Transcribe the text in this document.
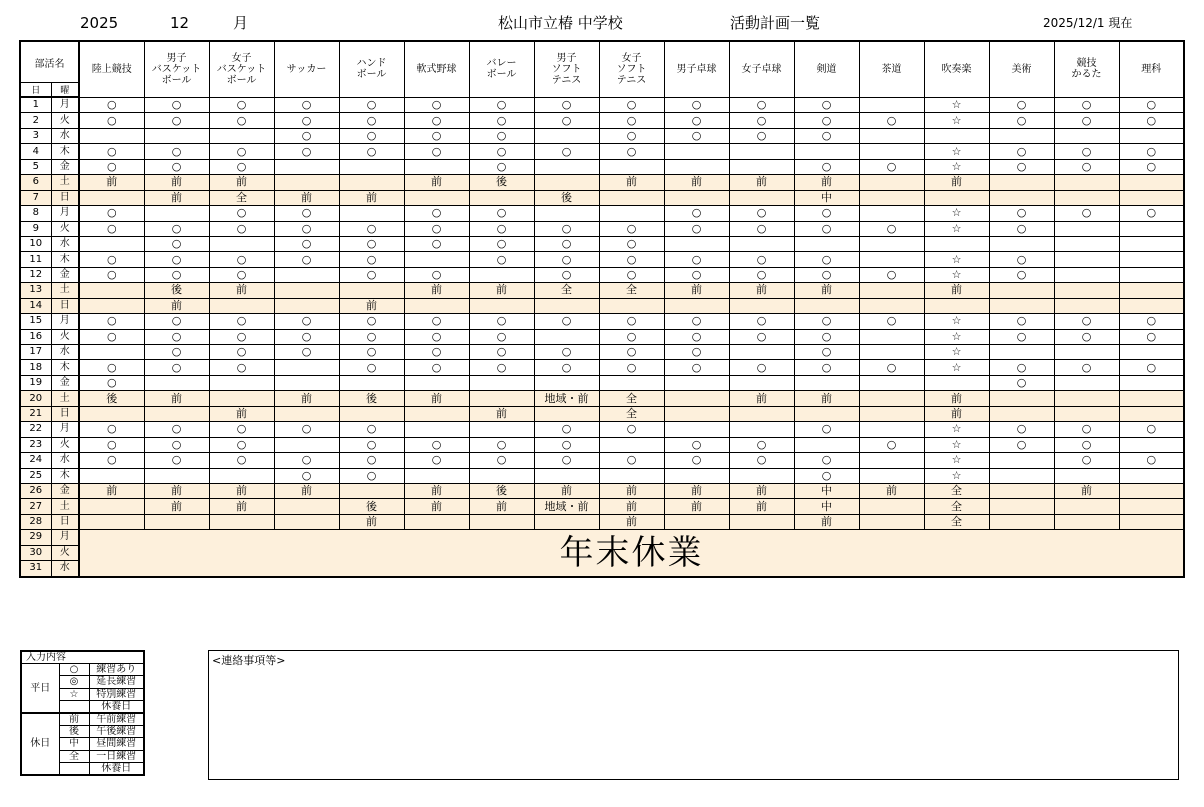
2025	12	月	松山市立椿 中学校	活動計画一覧	2025/12/1 現在
部活名		陸上競技	男子
バスケット
ボール	女子
バスケット
ボール	サッカー	ハンド
ボール	軟式野球	バレー
ボール	男子
ソフト
テニス	女子
ソフト
テニス	男子卓球	女子卓球	剣道	茶道	吹奏楽	美術	競技
かるた	理科
日	曜																	
1	月	○	○	○	○	○	○	○	○	○	○	○	○		☆	○	○	○
2	火	○	○	○	○	○	○	○	○	○	○	○	○	○	☆	○	○	○
3	水				○	○	○	○		○	○	○	○					
4	木	○	○	○	○	○	○	○	○	○					☆	○	○	○
5	金	○	○	○				○					○	○	☆	○	○	○
6	土	前	前	前			前	後		前	前	前	前		前			
7	日		前	全	前	前			後				中					
8	月	○		○	○		○	○			○	○	○		☆	○	○	○
9	火	○	○	○	○	○	○	○	○	○	○	○	○	○	☆	○		
10	水		○		○	○	○	○	○	○								
11	木	○	○	○	○	○		○	○	○	○	○	○		☆	○		
12	金	○	○	○		○	○		○	○	○	○	○	○	☆	○		
13	土		後	前			前	前	全	全	前	前	前		前			
14	日		前			前												
15	月	○	○	○	○	○	○	○	○	○	○	○	○	○	☆	○	○	○
16	火	○	○	○	○	○	○	○		○	○	○	○		☆	○	○	○
17	水		○	○	○	○	○	○	○	○	○		○		☆			
18	木	○	○	○		○	○	○	○	○	○	○	○	○	☆	○	○	○
19	金	○														○		
20	土	後	前		前	後	前		地域・前	全		前	前		前			
21	日			前				前		全					前			
22	月	○	○	○	○	○			○	○			○		☆	○	○	○
23	火	○	○	○		○	○	○	○		○	○		○	☆	○	○	
24	水	○	○	○	○	○	○	○	○	○	○	○	○		☆		○	○
25	木				○	○							○		☆			
26	金	前	前	前	前		前	後	前	前	前	前	中	前	全		前	
27	土		前	前		後	前	前	地域・前	前	前	前	中		全			
28	日					前				前			前		全			
29	月	年末休業																
30	火																	
31	水																	
入力内容		
平日	○	練習あり
	◎	延長練習
	☆	特別練習
		休養日
休日	前	午前練習
	後	午後練習
	中	昼間練習
	全	一日練習
		休養日
<連絡事項等>
